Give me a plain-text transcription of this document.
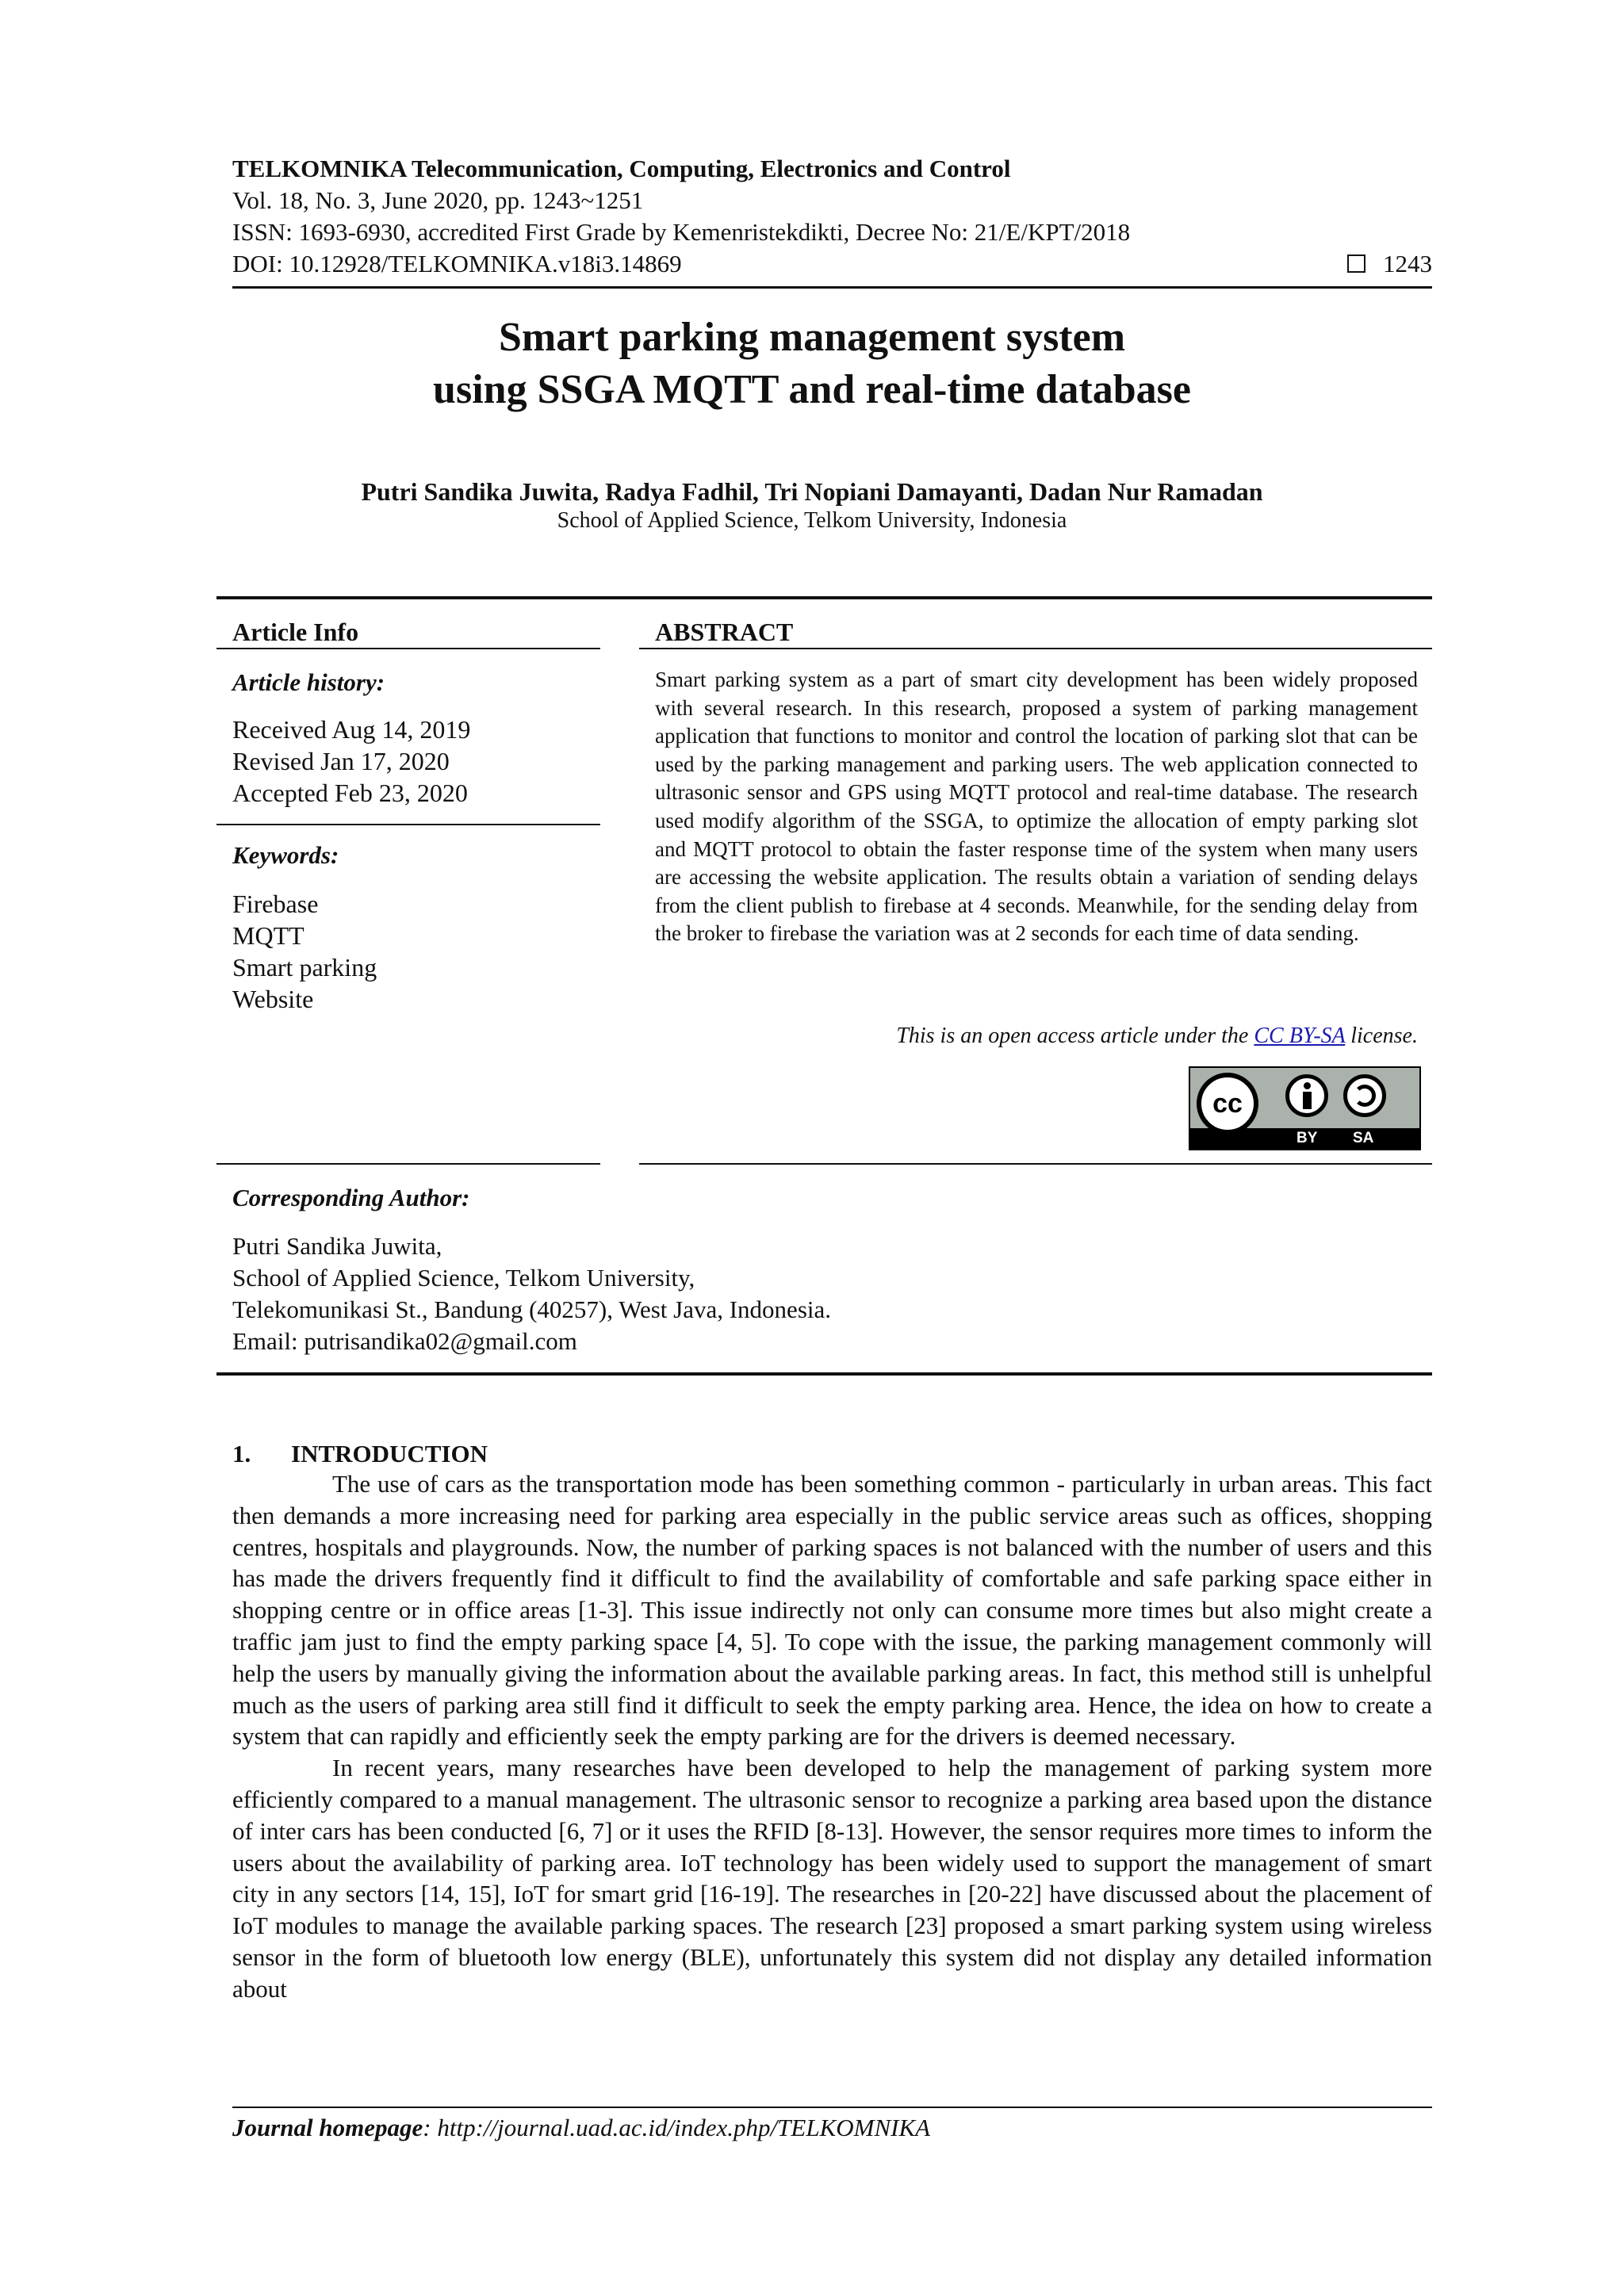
TELKOMNIKA Telecommunication, Computing, Electronics and Control
Vol. 18, No. 3, June 2020, pp. 1243~1251
ISSN: 1693-6930, accredited First Grade by Kemenristekdikti, Decree No: 21/E/KPT/2018
DOI: 10.12928/TELKOMNIKA.v18i3.14869	1243
Smart parking management system
using SSGA MQTT and real-time database
Putri Sandika Juwita, Radya Fadhil, Tri Nopiani Damayanti, Dadan Nur Ramadan
School of Applied Science, Telkom University, Indonesia
Article Info
Article history:
Received Aug 14, 2019
Revised Jan 17, 2020
Accepted Feb 23, 2020
Keywords:
Firebase
MQTT
Smart parking
Website
ABSTRACT
Smart parking system as a part of smart city development has been widely proposed with several research. In this research, proposed a system of parking management application that functions to monitor and control the location of parking slot that can be used by the parking management and parking users. The web application connected to ultrasonic sensor and GPS using MQTT protocol and real-time database. The research used modify algorithm of the SSGA, to optimize the allocation of empty parking slot and MQTT protocol to obtain the faster response time of the system when many users are accessing the website application. The results obtain a variation of sending delays from the client publish to firebase at 4 seconds. Meanwhile, for the sending delay from the broker to firebase the variation was at 2 seconds for each time of data sending.
This is an open access article under the CC BY-SA license.
cc
BY SA
Corresponding Author:
Putri Sandika Juwita,
School of Applied Science, Telkom University,
Telekomunikasi St., Bandung (40257), West Java, Indonesia.
Email: putrisandika02@gmail.com
1. INTRODUCTION

The use of cars as the transportation mode has been something common - particularly in urban areas. This fact then demands a more increasing need for parking area especially in the public service areas such as offices, shopping centres, hospitals and playgrounds. Now, the number of parking spaces is not balanced with the number of users and this has made the drivers frequently find it difficult to find the availability of comfortable and safe parking space either in shopping centre or in office areas [1-3]. This issue indirectly not only can consume more times but also might create a traffic jam just to find the empty parking space [4, 5]. To cope with the issue, the parking management commonly will help the users by manually giving the information about the available parking areas. In fact, this method still is unhelpful much as the users of parking area still find it difficult to seek the empty parking area. Hence, the idea on how to create a system that can rapidly and efficiently seek the empty parking are for the drivers is deemed necessary.

In recent years, many researches have been developed to help the management of parking system more efficiently compared to a manual management. The ultrasonic sensor to recognize a parking area based upon the distance of inter cars has been conducted [6, 7] or it uses the RFID [8-13]. However, the sensor requires more times to inform the users about the availability of parking area. IoT technology has been widely used to support the management of smart city in any sectors [14, 15], IoT for smart grid [16-19]. The researches in [20-22] have discussed about the placement of IoT modules to manage the available parking spaces. The research [23] proposed a smart parking system using wireless sensor in the form of bluetooth low energy (BLE), unfortunately this system did not display any detailed information about

Journal homepage: http://journal.uad.ac.id/index.php/TELKOMNIKA
